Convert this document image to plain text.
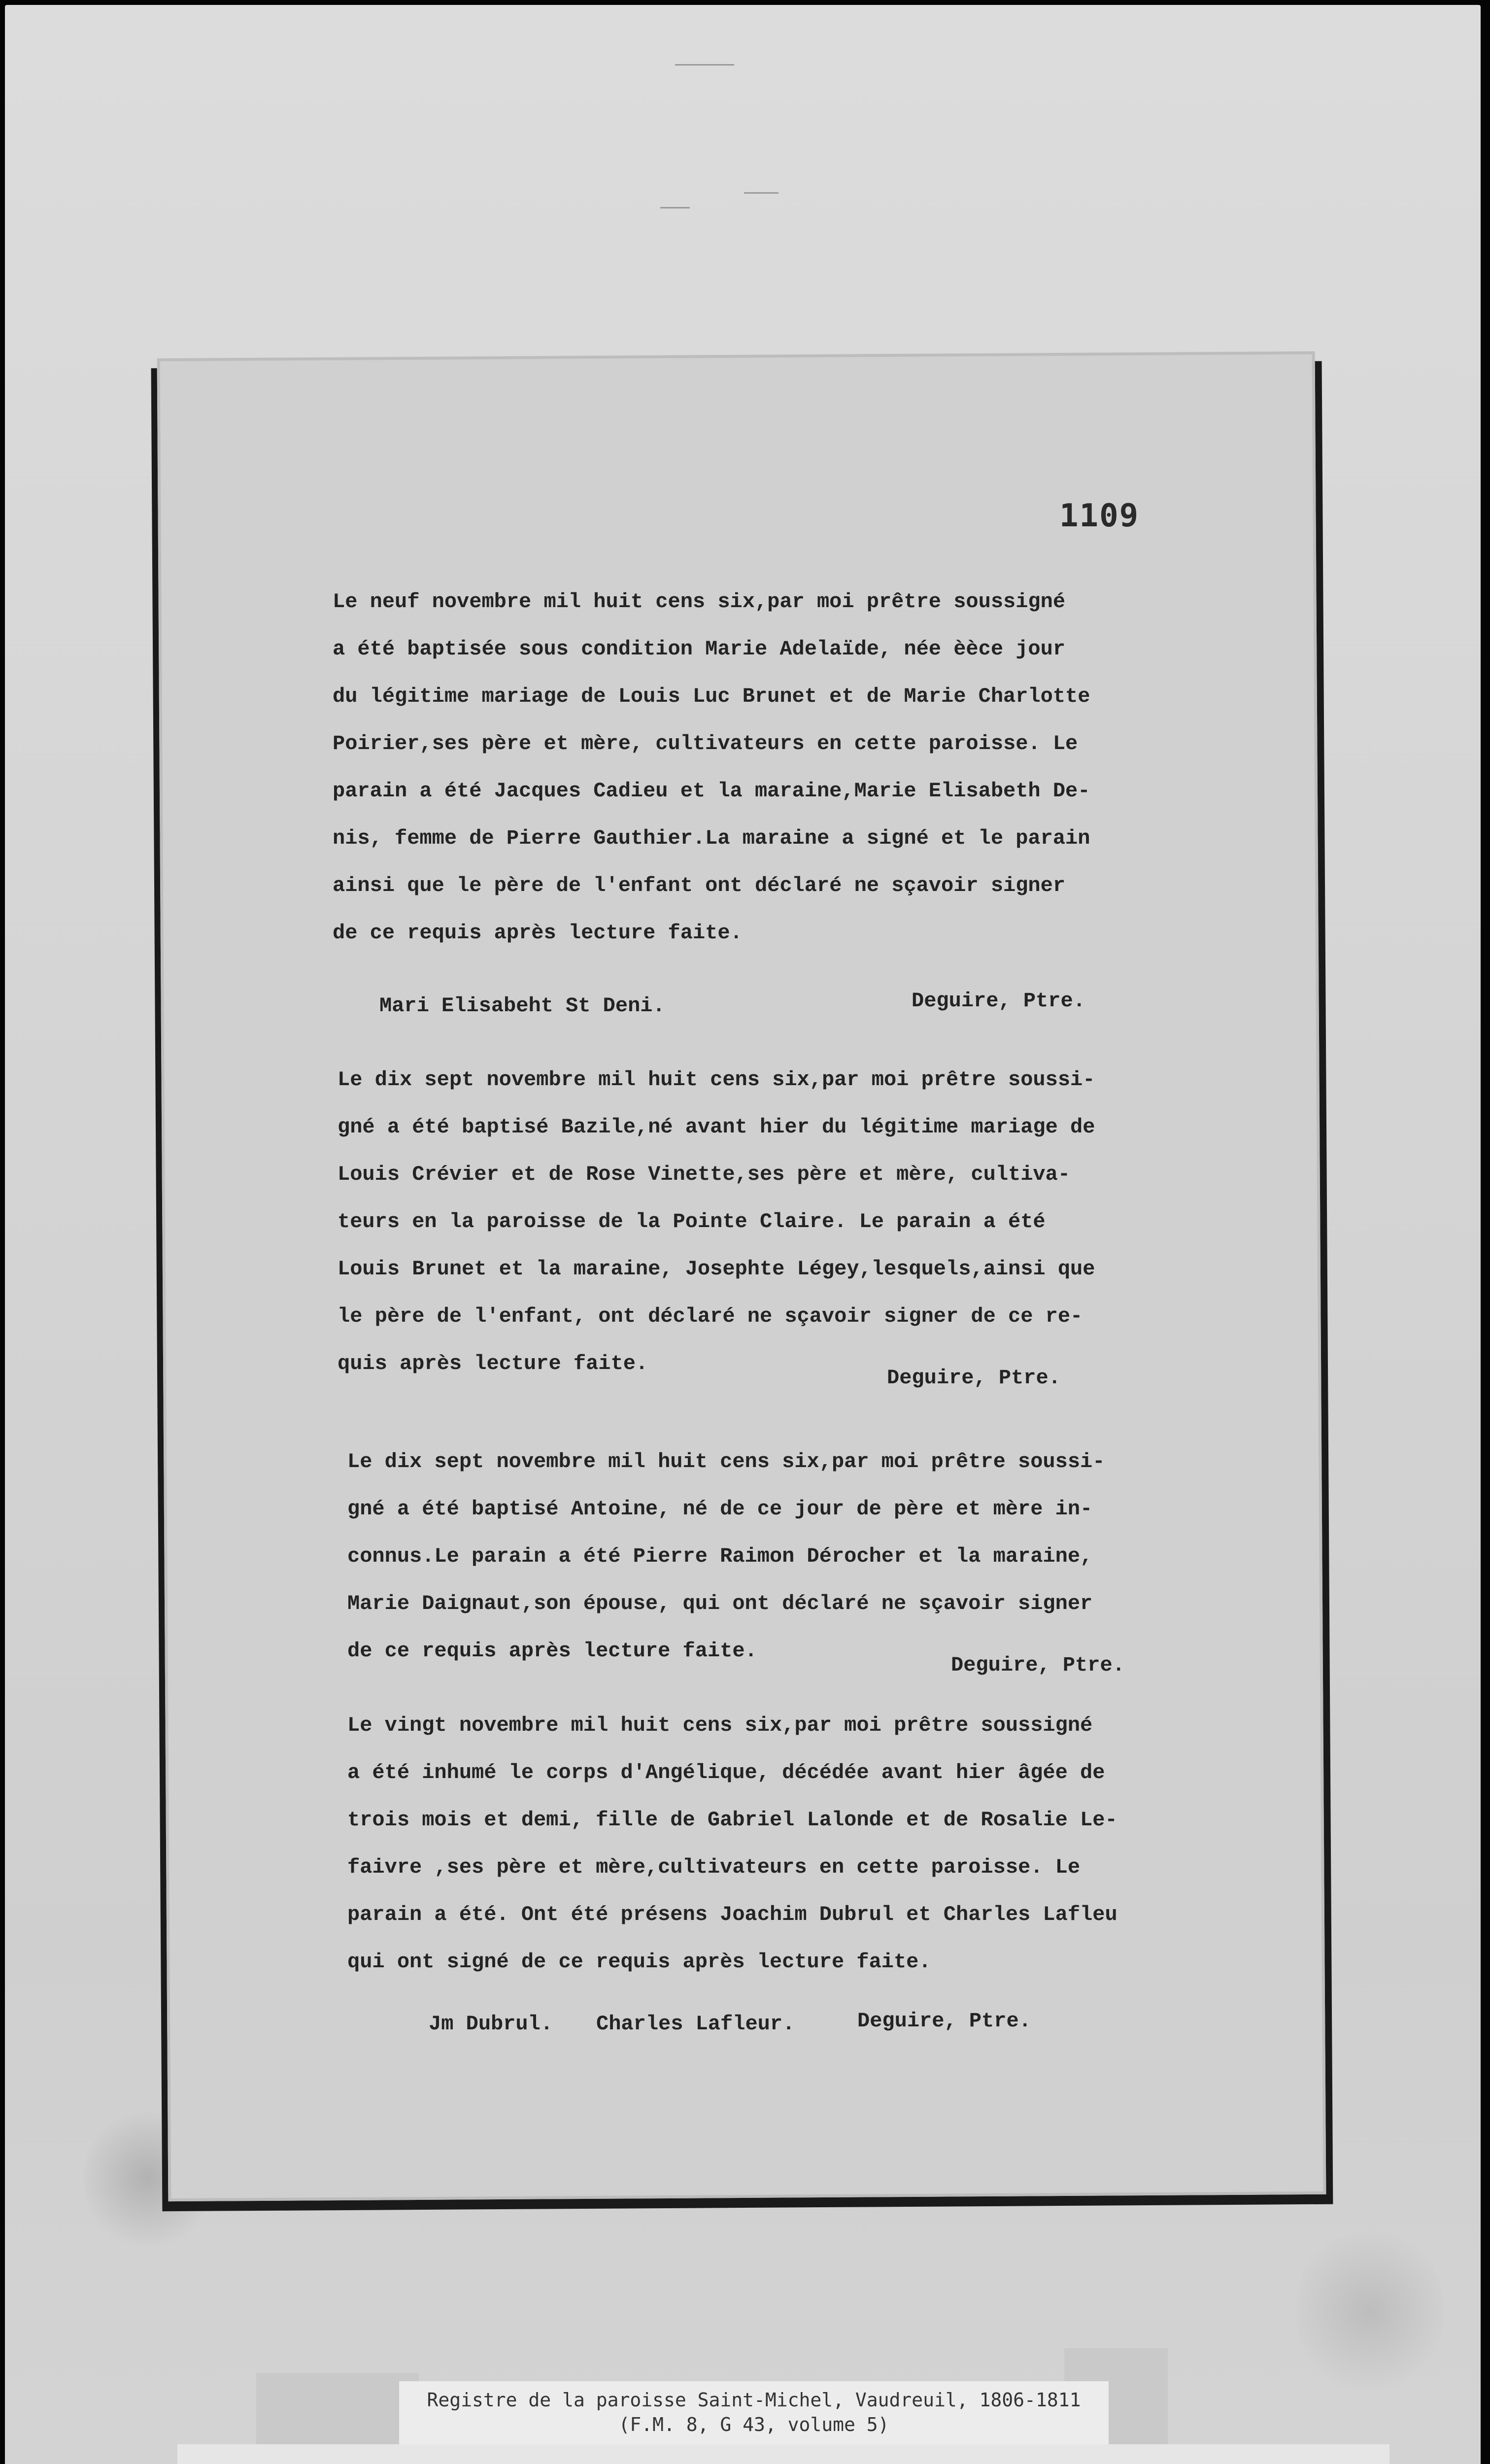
1109
Le neuf novembre mil huit cens six,par moi prêtre soussigné
a été baptisée sous condition Marie Adelaïde, née èèce jour
du légitime mariage de Louis Luc Brunet et de Marie Charlotte
Poirier,ses père et mère, cultivateurs en cette paroisse. Le
parain a été Jacques Cadieu et la maraine,Marie Elisabeth De-
nis, femme de Pierre Gauthier.La maraine a signé et le parain
ainsi que le père de l'enfant ont déclaré ne sçavoir signer
de ce requis après lecture faite.
Mari Elisabeht St Deni.	Deguire, Ptre.
Le dix sept novembre mil huit cens six,par moi prêtre soussi-
gné a été baptisé Bazile,né avant hier du légitime mariage de
Louis Crévier et de Rose Vinette,ses père et mère, cultiva-
teurs en la paroisse de la Pointe Claire. Le parain a été
Louis Brunet et la maraine, Josephte Légey,lesquels,ainsi que
le père de l'enfant, ont déclaré ne sçavoir signer de ce re-
quis après lecture faite.
Deguire, Ptre.
Le dix sept novembre mil huit cens six,par moi prêtre soussi-
gné a été baptisé Antoine, né de ce jour de père et mère in-
connus.Le parain a été Pierre Raimon Dérocher et la maraine,
Marie Daignaut,son épouse, qui ont déclaré ne sçavoir signer
de ce requis après lecture faite.
Deguire, Ptre.
Le vingt novembre mil huit cens six,par moi prêtre soussigné
a été inhumé le corps d'Angélique, décédée avant hier âgée de
trois mois et demi, fille de Gabriel Lalonde et de Rosalie Le-
faivre ,ses père et mère,cultivateurs en cette paroisse. Le
parain a été. Ont été présens Joachim Dubrul et Charles Lafleu
qui ont signé de ce requis après lecture faite.
Jm Dubrul. Charles Lafleur.	Deguire, Ptre.
Registre de la paroisse Saint-Michel, Vaudreuil, 1806-1811
(F.M. 8, G 43, volume 5)
